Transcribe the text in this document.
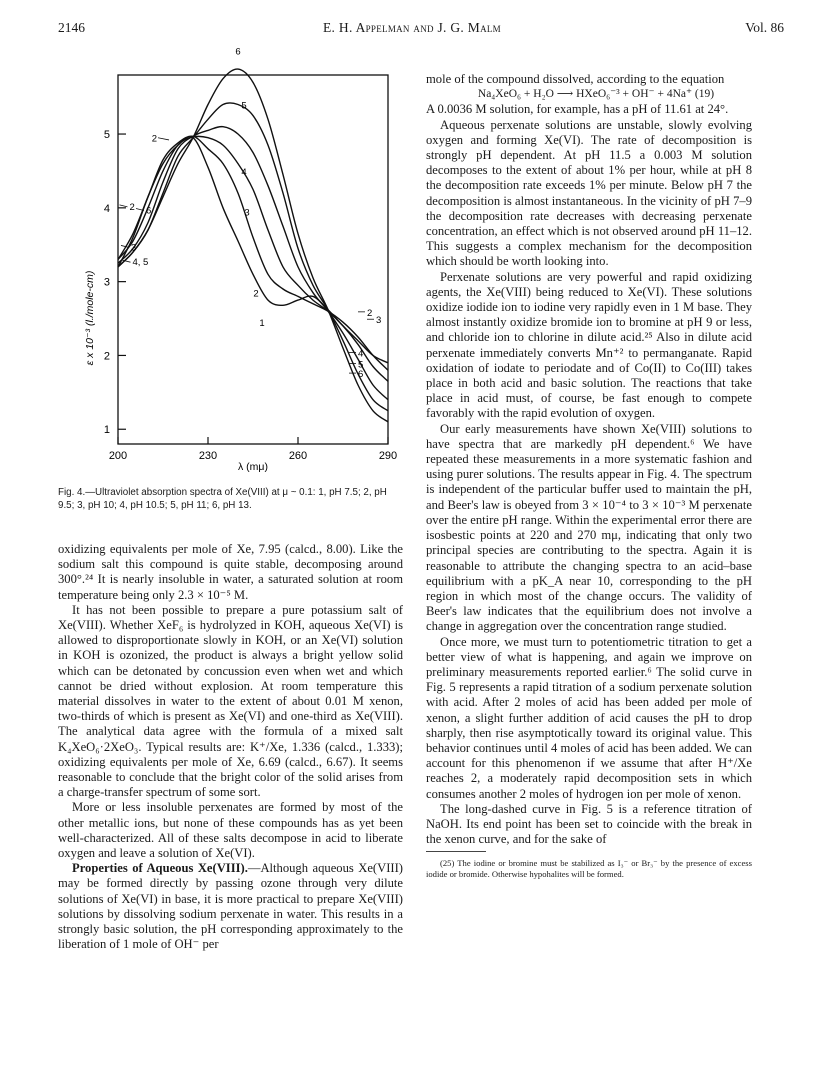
2146	E. H. Appelman and J. G. Malm	Vol. 86
1
2
3
4
5
200	230	260	290
1
2
3
4
5
6
2 6
3
4, 5
2
2
3
4
5
6
ε x 10⁻³ (l./mole-cm)
λ (mμ)
Fig. 4.—Ultraviolet absorption spectra of Xe(VIII) at μ ~ 0.1: 1, pH 7.5; 2, pH 9.5; 3, pH 10; 4, pH 10.5; 5, pH 11; 6, pH 13.

oxidizing equivalents per mole of Xe, 7.95 (calcd., 8.00). Like the sodium salt this compound is quite stable, decomposing around 300°.²⁴ It is nearly insoluble in water, a saturated solution at room temperature being only 2.3 × 10⁻⁵ M.

It has not been possible to prepare a pure potassium salt of Xe(VIII). Whether XeF₆ is hydrolyzed in KOH, aqueous Xe(VI) is allowed to disproportionate slowly in KOH, or an Xe(VI) solution in KOH is ozonized, the product is always a bright yellow solid which can be detonated by concussion even when wet and which cannot be dried without explosion. At room temperature this material dissolves in water to the extent of about 0.01 M xenon, two-thirds of which is present as Xe(VI) and one-third as Xe(VIII). The analytical data agree with the formula of a mixed salt K₄XeO₆·2XeO₃. Typical results are: K⁺/Xe, 1.336 (calcd., 1.333); oxidizing equivalents per mole of Xe, 6.69 (calcd., 6.67). It seems reasonable to conclude that the bright color of the solid arises from a charge-transfer spectrum of some sort.

More or less insoluble perxenates are formed by most of the other metallic ions, but none of these compounds has as yet been well-characterized. All of these salts decompose in acid to liberate oxygen and leave a solution of Xe(VI).

Properties of Aqueous Xe(VIII).—Although aqueous Xe(VIII) may be formed directly by passing ozone through very dilute solutions of Xe(VI) in base, it is more practical to prepare Xe(VIII) solutions by dissolving sodium perxenate in water. This results in a strongly basic solution, the pH corresponding approximately to the liberation of 1 mole of OH⁻ per

mole of the compound dissolved, according to the equation

Na₄XeO₆ + H₂O ⟶ HXeO₆⁻³ + OH⁻ + 4Na⁺ (19)

A 0.0036 M solution, for example, has a pH of 11.61 at 24°.

Aqueous perxenate solutions are unstable, slowly evolving oxygen and forming Xe(VI). The rate of decomposition is strongly pH dependent. At pH 11.5 a 0.003 M solution decomposes to the extent of about 1% per hour, while at pH 8 the decomposition rate exceeds 1% per minute. Below pH 7 the decomposition is almost instantaneous. In the vicinity of pH 7–9 the decomposition rate decreases with decreasing perxenate concentration, an effect which is not observed around pH 11–12. This suggests a complex mechanism for the decomposition which should be worth looking into.

Perxenate solutions are very powerful and rapid oxidizing agents, the Xe(VIII) being reduced to Xe(VI). These solutions oxidize iodide ion to iodine very rapidly even in 1 M base. They almost instantly oxidize bromide ion to bromine at pH 9 or less, and chloride ion to chlorine in dilute acid.²⁵ Also in dilute acid perxenate immediately converts Mn⁺² to permanganate. Rapid oxidation of iodate to periodate and of Co(II) to Co(III) takes place in both acid and basic solution. The reactions that take place in acid must, of course, be fast enough to compete favorably with the rapid evolution of oxygen.

Our early measurements have shown Xe(VIII) solutions to have spectra that are markedly pH dependent.⁶ We have repeated these measurements in a more systematic fashion and using purer solutions. The results appear in Fig. 4. The spectrum is independent of the particular buffer used to maintain the pH, and Beer's law is obeyed from 3 × 10⁻⁴ to 3 × 10⁻³ M perxenate over the entire pH range. Within the experimental error there are isosbestic points at 220 and 270 mμ, indicating that only two principal species are contributing to the spectra. Again it is reasonable to attribute the changing spectra to an acid–base equilibrium with a pK_A near 10, corresponding to the pH region in which most of the change occurs. The validity of Beer's law indicates that the equilibrium does not involve a change in aggregation over the concentration range studied.

Once more, we must turn to potentiometric titration to get a better view of what is happening, and again we improve on preliminary measurements reported earlier.⁶ The solid curve in Fig. 5 represents a rapid titration of a sodium perxenate solution with acid. After 2 moles of acid has been added per mole of xenon, a slight further addition of acid causes the pH to drop sharply, then rise asymptotically toward its original value. This behavior continues until 4 moles of acid has been added. We can account for this phenomenon if we assume that after H⁺/Xe reaches 2, a moderately rapid decomposition sets in which consumes another 2 moles of hydrogen ion per mole of xenon.

The long-dashed curve in Fig. 5 is a reference titration of NaOH. Its end point has been set to coincide with the break in the xenon curve, and for the sake of

(25) The iodine or bromine must be stabilized as I₃⁻ or Br₃⁻ by the presence of excess iodide or bromide. Otherwise hypohalites will be formed.
